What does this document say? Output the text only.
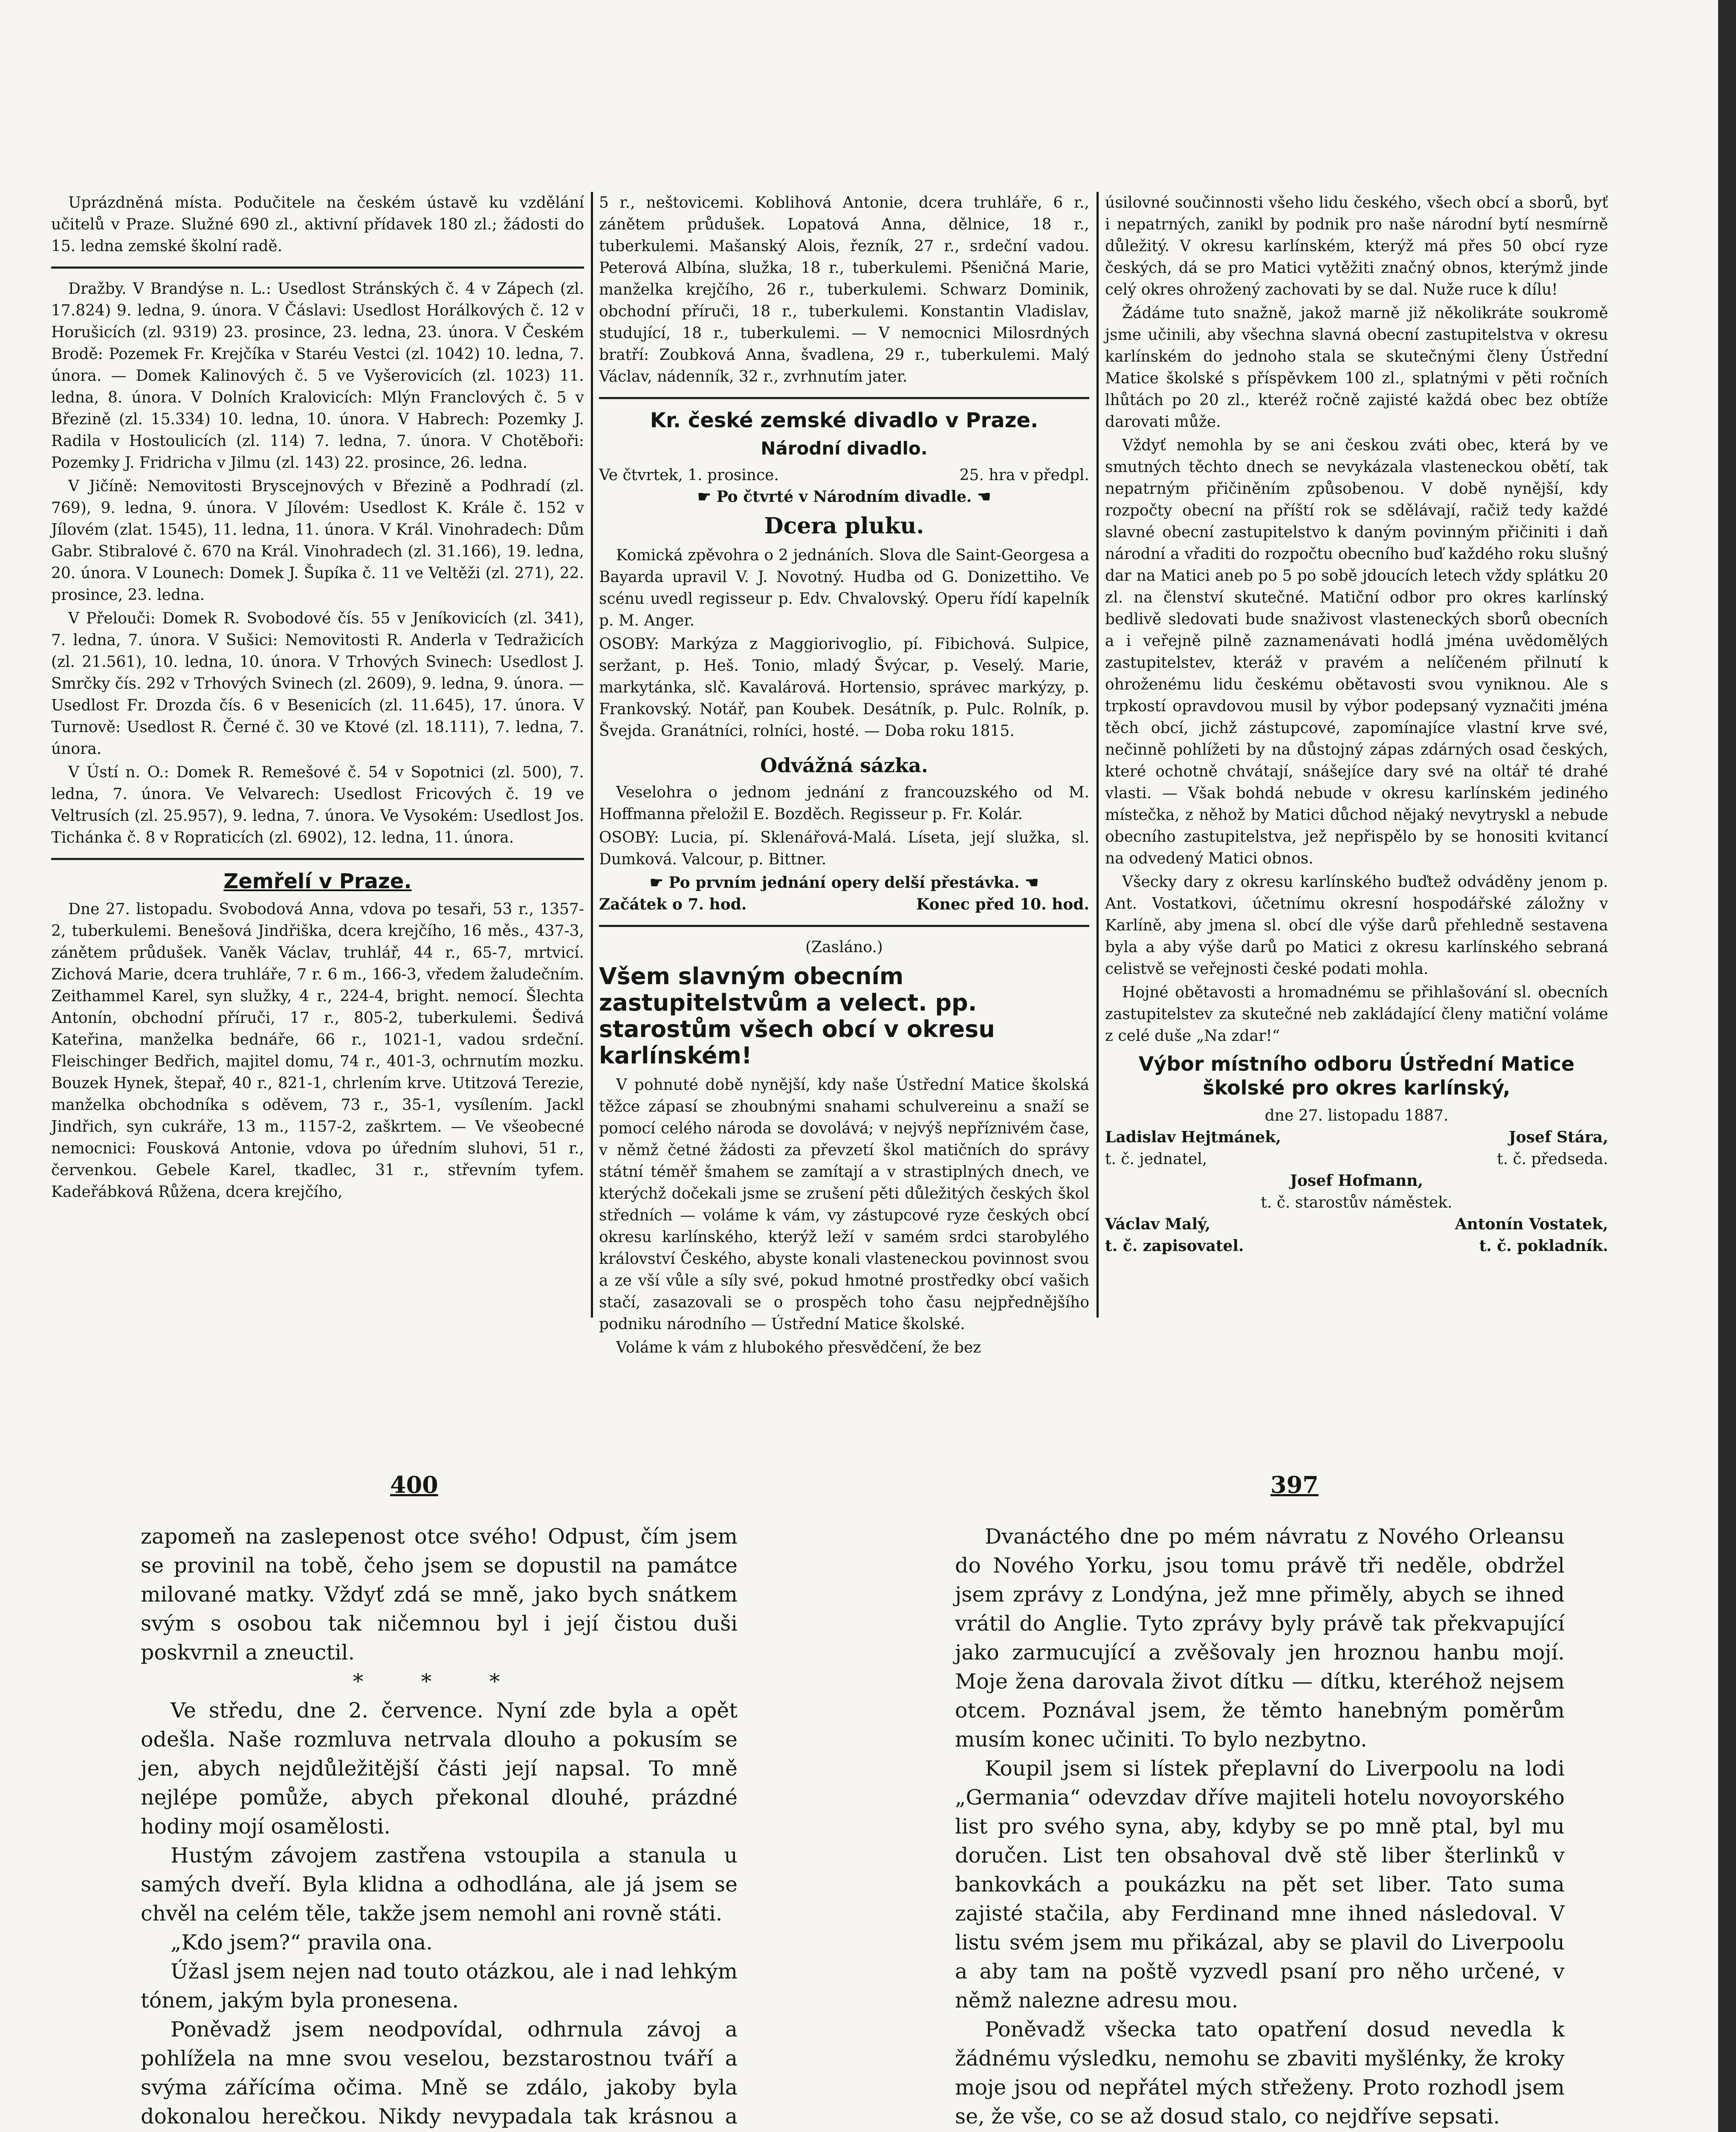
Uprázdněná místa. Podučitele na českém ústavě ku vzdělání učitelů v Praze. Služné 690 zl., aktivní přídavek 180 zl.; žádosti do 15. ledna zemské školní radě.

Dražby. V Brandýse n. L.: Usedlost Stránských č. 4 v Zápech (zl. 17.824) 9. ledna, 9. února. V Čáslavi: Usedlost Horálkových č. 12 v Horušicích (zl. 9319) 23. prosince, 23. ledna, 23. února. V Českém Brodě: Pozemek Fr. Krejčíka v Staréu Vestci (zl. 1042) 10. ledna, 7. února. — Domek Kalinových č. 5 ve Vyšerovicích (zl. 1023) 11. ledna, 8. února. V Dolních Kralovicích: Mlýn Franclových č. 5 v Březině (zl. 15.334) 10. ledna, 10. února. V Habrech: Pozemky J. Radila v Hostoulicích (zl. 114) 7. ledna, 7. února. V Chotěboři: Pozemky J. Fridricha v Jilmu (zl. 143) 22. prosince, 26. ledna.

V Jičíně: Nemovitosti Bryscejnových v Březině a Podhradí (zl. 769), 9. ledna, 9. února. V Jílovém: Usedlost K. Krále č. 152 v Jílovém (zlat. 1545), 11. ledna, 11. února. V Král. Vinohradech: Dům Gabr. Stibralové č. 670 na Král. Vinohradech (zl. 31.166), 19. ledna, 20. února. V Lounech: Domek J. Šupíka č. 11 ve Veltěži (zl. 271), 22. prosince, 23. ledna.

V Přelouči: Domek R. Svobodové čís. 55 v Jeníkovicích (zl. 341), 7. ledna, 7. února. V Sušici: Nemovitosti R. Anderla v Tedražicích (zl. 21.561), 10. ledna, 10. února. V Trhových Svinech: Usedlost J. Smrčky čís. 292 v Trhových Svinech (zl. 2609), 9. ledna, 9. února. — Usedlost Fr. Drozda čís. 6 v Besenicích (zl. 11.645), 17. února. V Turnově: Usedlost R. Černé č. 30 ve Ktové (zl. 18.111), 7. ledna, 7. února.

V Ústí n. O.: Domek R. Remešové č. 54 v Sopotnici (zl. 500), 7. ledna, 7. února. Ve Velvarech: Usedlost Fricových č. 19 ve Veltrusích (zl. 25.957), 9. ledna, 7. února. Ve Vysokém: Usedlost Jos. Tichánka č. 8 v Ropraticích (zl. 6902), 12. ledna, 11. února.

Zemřelí v Praze.

Dne 27. listopadu. Svobodová Anna, vdova po tesaři, 53 r., 1357-2, tuberkulemi. Benešová Jindřiška, dcera krejčího, 16 měs., 437-3, zánětem průdušek. Vaněk Václav, truhlář, 44 r., 65-7, mrtvicí. Zichová Marie, dcera truhláře, 7 r. 6 m., 166-3, vředem žaludečním. Zeithammel Karel, syn služky, 4 r., 224-4, bright. nemocí. Šlechta Antonín, obchodní příruči, 17 r., 805-2, tuberkulemi. Šedivá Kateřina, manželka bednáře, 66 r., 1021-1, vadou srdeční. Fleischinger Bedřich, majitel domu, 74 r., 401-3, ochrnutím mozku. Bouzek Hynek, štepař, 40 r., 821-1, chrlením krve. Utitzová Terezie, manželka obchodníka s oděvem, 73 r., 35-1, vysílením. Jackl Jindřich, syn cukráře, 13 m., 1157-2, zaškrtem. — Ve všeobecné nemocnici: Fousková Antonie, vdova po úředním sluhovi, 51 r., červenkou. Gebele Karel, tkadlec, 31 r., střevním tyfem. Kadeřábková Růžena, dcera krejčího,

5 r., neštovicemi. Koblihová Antonie, dcera truhláře, 6 r., zánětem průdušek. Lopatová Anna, dělnice, 18 r., tuberkulemi. Mašanský Alois, řezník, 27 r., srdeční vadou. Peterová Albína, služka, 18 r., tuberkulemi. Pšeničná Marie, manželka krejčího, 26 r., tuberkulemi. Schwarz Dominik, obchodní příruči, 18 r., tuberkulemi. Konstantin Vladislav, studující, 18 r., tuberkulemi. — V nemocnici Milosrdných bratří: Zoubková Anna, švadlena, 29 r., tuberkulemi. Malý Václav, nádenník, 32 r., zvrhnutím jater.

Kr. české zemské divadlo v Praze.
Národní divadlo.
Ve čtvrtek, 1. prosince.	25. hra v předpl.
☛ Po čtvrté v Národním divadle. ☚
Dcera pluku.

Komická zpěvohra o 2 jednáních. Slova dle Saint-Georgesa a Bayarda upravil V. J. Novotný. Hudba od G. Donizettiho. Ve scénu uvedl regisseur p. Edv. Chvalovský. Operu řídí kapelník p. M. Anger.

OSOBY: Markýza z Maggiorivoglio, pí. Fibichová. Sulpice, seržant, p. Heš. Tonio, mladý Švýcar, p. Veselý. Marie, markytánka, slč. Kavalárová. Hortensio, správec markýzy, p. Frankovský. Notář, pan Koubek. Desátník, p. Pulc. Rolník, p. Švejda. Granátníci, rolníci, hosté. — Doba roku 1815.

Odvážná sázka.

Veselohra o jednom jednání z francouzského od M. Hoffmanna přeložil E. Bozděch. Regisseur p. Fr. Kolár.

OSOBY: Lucia, pí. Sklenářová-Malá. Líseta, její služka, sl. Dumková. Valcour, p. Bittner.

☛ Po prvním jednání opery delší přestávka. ☚
Začátek o 7. hod.	Konec před 10. hod.
(Zasláno.)
Všem slavným obecním zastupitelstvům a velect. pp. starostům všech obcí v okresu karlínském!

V pohnuté době nynější, kdy naše Ústřední Matice školská těžce zápasí se zhoubnými snahami schulvereinu a snaží se pomocí celého národa se dovolává; v nejvýš nepříznivém čase, v němž četné žádosti za převzetí škol matičních do správy státní téměř šmahem se zamítají a v strastiplných dnech, ve kterýchž dočekali jsme se zrušení pěti důležitých českých škol středních — voláme k vám, vy zástupcové ryze českých obcí okresu karlínského, kterýž leží v samém srdci starobylého království Českého, abyste konali vlasteneckou povinnost svou a ze vší vůle a síly své, pokud hmotné prostředky obcí vašich stačí, zasazovali se o prospěch toho času nejpřednějšího podniku národního — Ústřední Matice školské.

Voláme k vám z hlubokého přesvědčení, že bez

úsilovné součinnosti všeho lidu českého, všech obcí a sborů, byť i nepatrných, zanikl by podnik pro naše národní bytí nesmírně důležitý. V okresu karlínském, kterýž má přes 50 obcí ryze českých, dá se pro Matici vytěžiti značný obnos, kterýmž jinde celý okres ohrožený zachovati by se dal. Nuže ruce k dílu!

Žádáme tuto snažně, jakož marně již několikráte soukromě jsme učinili, aby všechna slavná obecní zastupitelstva v okresu karlínském do jednoho stala se skutečnými členy Ústřední Matice školské s příspěvkem 100 zl., splatnými v pěti ročních lhůtách po 20 zl., kteréž ročně zajisté každá obec bez obtíže darovati může.

Vždyť nemohla by se ani českou zváti obec, která by ve smutných těchto dnech se nevykázala vlasteneckou obětí, tak nepatrným přičiněním způsobenou. V době nynější, kdy rozpočty obecní na příští rok se sdělávají, račiž tedy každé slavné obecní zastupitelstvo k daným povinným přičiniti i daň národní a vřaditi do rozpočtu obecního buď každého roku slušný dar na Matici aneb po 5 po sobě jdoucích letech vždy splátku 20 zl. na členství skutečné. Matiční odbor pro okres karlínský bedlivě sledovati bude snaživost vlasteneckých sborů obecních a i veřejně pilně zaznamenávati hodlá jména uvědomělých zastupitelstev, kteráž v pravém a nelíčeném přilnutí k ohroženému lidu českému obětavosti svou vyniknou. Ale s trpkostí opravdovou musil by výbor podepsaný vyznačiti jména těch obcí, jichž zástupcové, zapomínajíce vlastní krve své, nečinně pohlížeti by na důstojný zápas zdárných osad českých, které ochotně chvátají, snášejíce dary své na oltář té drahé vlasti. — Však bohdá nebude v okresu karlínském jediného místečka, z něhož by Matici důchod nějaký nevytryskl a nebude obecního zastupitelstva, jež nepřispělo by se honositi kvitancí na odvedený Matici obnos.

Všecky dary z okresu karlínského buďtež odváděny jenom p. Ant. Vostatkovi, účetnímu okresní hospodářské záložny v Karlíně, aby jmena sl. obcí dle výše darů přehledně sestavena byla a aby výše darů po Matici z okresu karlínského sebraná celistvě se veřejnosti české podati mohla.

Hojné obětavosti a hromadnému se přihlašování sl. obecních zastupitelstev za skutečné neb zakládající členy matiční voláme z celé duše „Na zdar!“

Výbor místního odboru Ústřední Matice školské pro okres karlínský,
dne 27. listopadu 1887.
Ladislav Hejtmánek,	Josef Stára,
t. č. jednatel,	t. č. předseda.
Josef Hofmann,
t. č. starostův náměstek.
Václav Malý,	Antonín Vostatek,
t. č. zapisovatel.	t. č. pokladník.
400	397

zapomeň na zaslepenost otce svého! Odpust, čím jsem se provinil na tobě, čeho jsem se dopustil na památce milované matky. Vždyť zdá se mně, jako bych snátkem svým s osobou tak ničemnou byl i její čistou duši poskvrnil a zneuctil.

* * *

Ve středu, dne 2. července. Nyní zde byla a opět odešla. Naše rozmluva netrvala dlouho a pokusím se jen, abych nejdůležitější části její napsal. To mně nejlépe pomůže, abych překonal dlouhé, prázdné hodiny mojí osamělosti.

Hustým závojem zastřena vstoupila a stanula u samých dveří. Byla klidna a odhodlána, ale já jsem se chvěl na celém těle, takže jsem nemohl ani rovně státi.

„Kdo jsem?“ pravila ona.

Úžasl jsem nejen nad touto otázkou, ale i nad lehkým tónem, jakým byla pronesena.

Poněvadž jsem neodpovídal, odhrnula závoj a pohlížela na mne svou veselou, bezstarostnou tváří a svýma zářícíma očima. Mně se zdálo, jakoby byla dokonalou herečkou. Nikdy nevypadala tak krásnou a

Dvanáctého dne po mém návratu z Nového Orleansu do Nového Yorku, jsou tomu právě tři neděle, obdržel jsem zprávy z Londýna, jež mne přiměly, abych se ihned vrátil do Anglie. Tyto zprávy byly právě tak překvapující jako zarmucující a zvěšovaly jen hroznou hanbu mojí. Moje žena darovala život dítku — dítku, kteréhož nejsem otcem. Poznával jsem, že těmto hanebným poměrům musím konec učiniti. To bylo nezbytno.

Koupil jsem si lístek přeplavní do Liverpoolu na lodi „Germania“ odevzdav dříve majiteli hotelu novoyorského list pro svého syna, aby, kdyby se po mně ptal, byl mu doručen. List ten obsahoval dvě stě liber šterlinků v bankovkách a poukázku na pět set liber. Tato suma zajisté stačila, aby Ferdinand mne ihned následoval. V listu svém jsem mu přikázal, aby se plavil do Liverpoolu a aby tam na poště vyzvedl psaní pro něho určené, v němž nalezne adresu mou.

Poněvadž všecka tato opatření dosud nevedla k žádnému výsledku, nemohu se zbaviti myšlénky, že kroky moje jsou od nepřátel mých střeženy. Proto rozhodl jsem se, že vše, co se až dosud stalo, co nejdříve sepsati.
